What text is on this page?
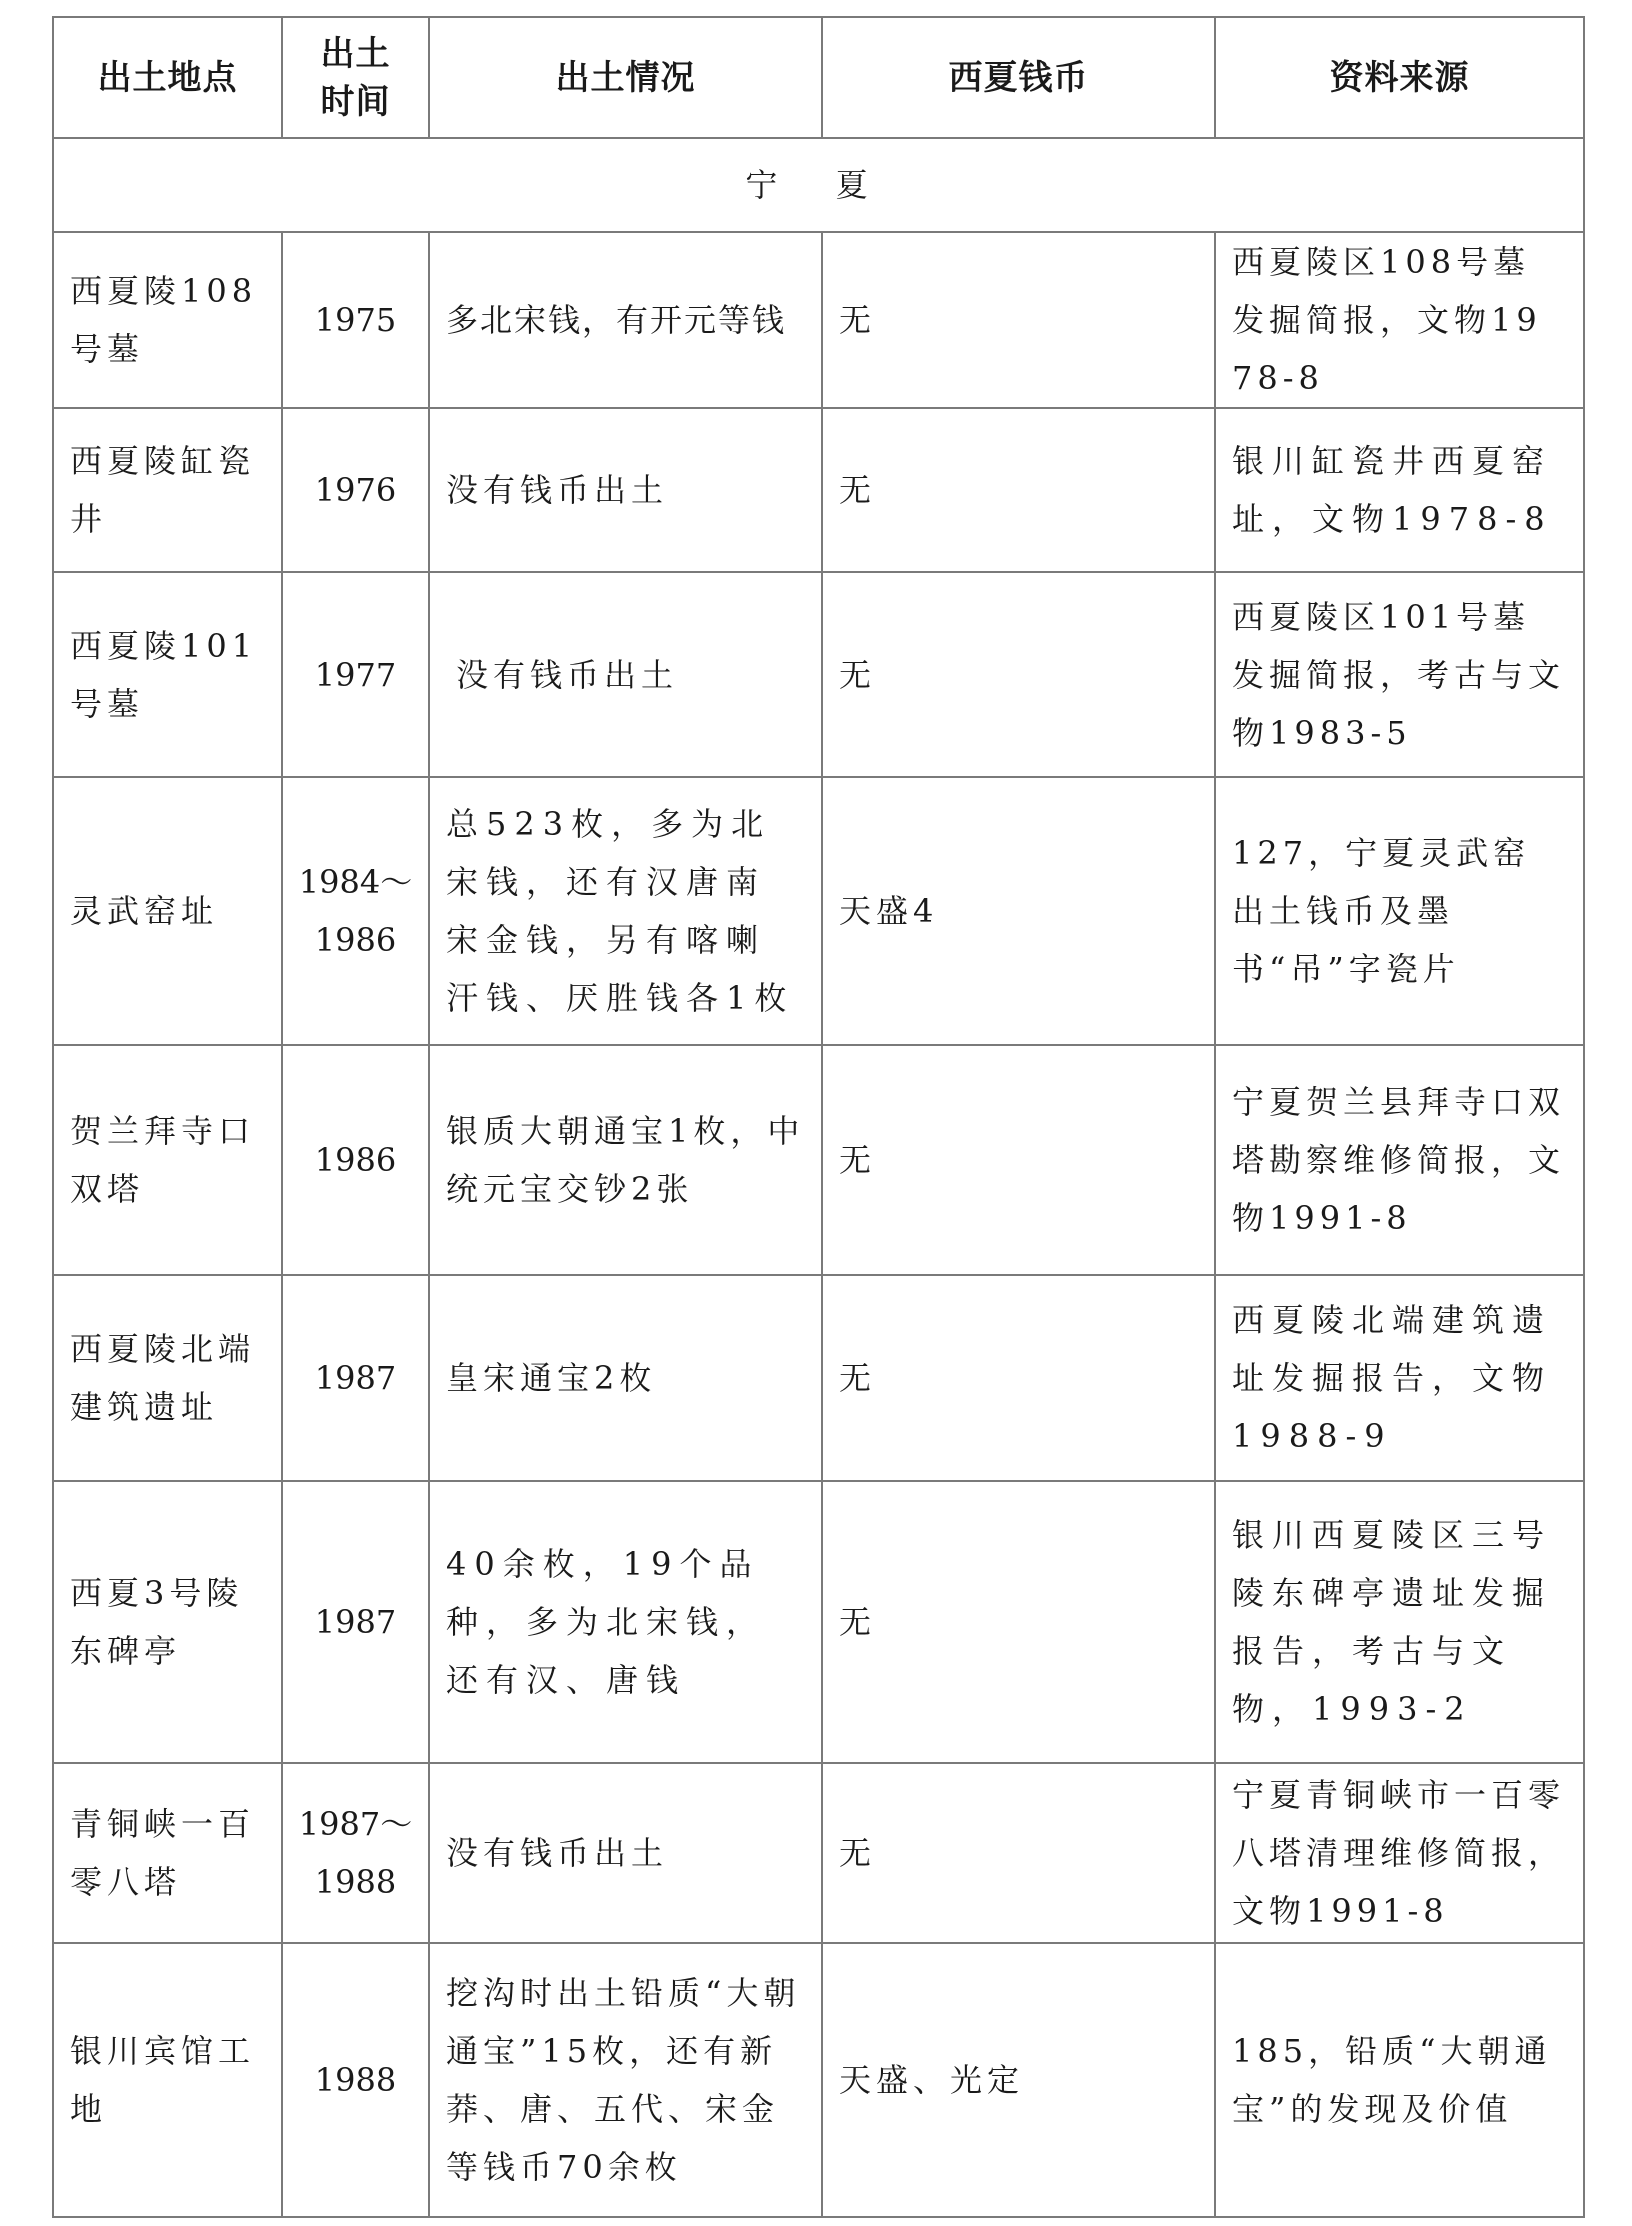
出土地点	出土时间	出土情况	西夏钱币	资料来源
宁 夏				
西夏陵108号墓	1975	多北宋钱，有开元等钱	无	西夏陵区108号墓发掘简报，文物1978-8
西夏陵缸瓷井	1976	没有钱币出土	无	银川缸瓷井西夏窑址，文物1978-8
西夏陵101号墓	1977	没有钱币出土	无	西夏陵区101号墓发掘简报，考古与文物1983-5
灵武窑址	1984～1986	总523枚，多为北宋钱，还有汉唐南宋金钱，另有喀喇汗钱、厌胜钱各1枚	天盛4	127，宁夏灵武窑出土钱币及墨书“吊”字瓷片
贺兰拜寺口双塔	1986	银质大朝通宝1枚，中统元宝交钞2张	无	宁夏贺兰县拜寺口双塔勘察维修简报，文物1991-8
西夏陵北端建筑遗址	1987	皇宋通宝2枚	无	西夏陵北端建筑遗址发掘报告，文物1988-9
西夏3号陵东碑亭	1987	40余枚，19个品种，多为北宋钱，还有汉、唐钱	无	银川西夏陵区三号陵东碑亭遗址发掘报告，考古与文物，1993-2
青铜峡一百零八塔	1987～1988	没有钱币出土	无	宁夏青铜峡市一百零八塔清理维修简报，文物1991-8
银川宾馆工地	1988	挖沟时出土铅质“大朝通宝”15枚，还有新莽、唐、五代、宋金等钱币70余枚	天盛、光定	185，铅质“大朝通宝”的发现及价值
